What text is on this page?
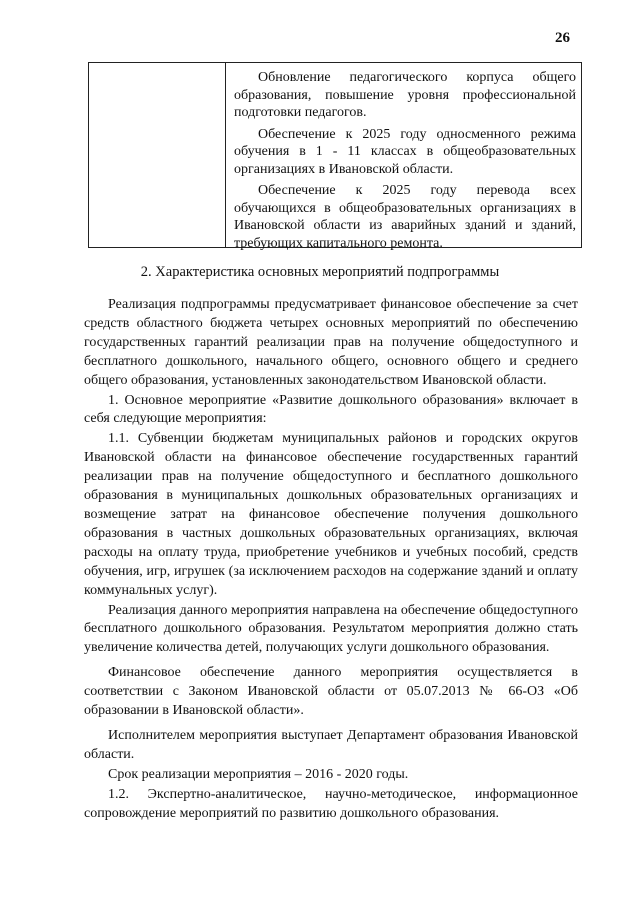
26

Обновление педагогического корпуса общего образования, повышение уровня профессиональной подготовки педагогов.

Обеспечение к 2025 году односменного режима обучения в 1 - 11 классах в общеобразовательных организациях в Ивановской области.

Обеспечение к 2025 году перевода всех обучающихся в общеобразовательных организациях в Ивановской области из аварийных зданий и зданий, требующих капитального ремонта.

2. Характеристика основных мероприятий подпрограммы

Реализация подпрограммы предусматривает финансовое обеспечение за счет средств областного бюджета четырех основных мероприятий по обеспечению государственных гарантий реализации прав на получение общедоступного и бесплатного дошкольного, начального общего, основного общего и среднего общего образования, установленных законодательством Ивановской области.

1. Основное мероприятие «Развитие дошкольного образования» включает в себя следующие мероприятия:

1.1. Субвенции бюджетам муниципальных районов и городских округов Ивановской области на финансовое обеспечение государственных гарантий реализации прав на получение общедоступного и бесплатного дошкольного образования в муниципальных дошкольных образовательных организациях и возмещение затрат на финансовое обеспечение получения дошкольного образования в частных дошкольных образовательных организациях, включая расходы на оплату труда, приобретение учебников и учебных пособий, средств обучения, игр, игрушек (за исключением расходов на содержание зданий и оплату коммунальных услуг).

Реализация данного мероприятия направлена на обеспечение общедоступного бесплатного дошкольного образования. Результатом мероприятия должно стать увеличение количества детей, получающих услуги дошкольного образования.

Финансовое обеспечение данного мероприятия осуществляется в соответствии с Законом Ивановской области от 05.07.2013 № 66-ОЗ «Об образовании в Ивановской области».

Исполнителем мероприятия выступает Департамент образования Ивановской области.

Срок реализации мероприятия – 2016 - 2020 годы.

1.2. Экспертно-аналитическое, научно-методическое, информационное сопровождение мероприятий по развитию дошкольного образования.
